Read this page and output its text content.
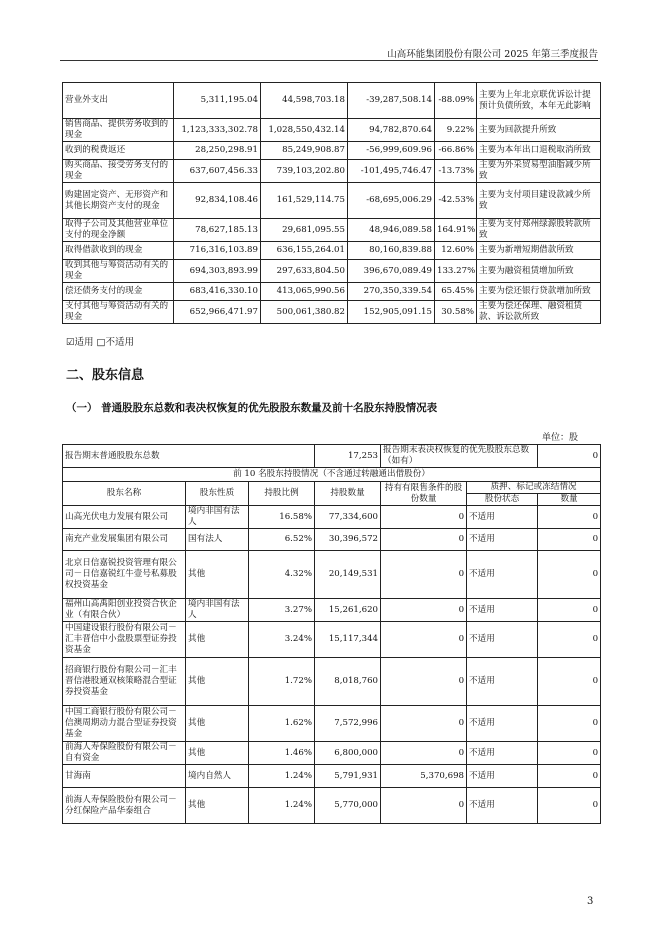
山高环能集团股份有限公司 2025 年第三季度报告
营业外支出	5,311,195.04	44,598,703.18	-39,287,508.14	-88.09%	主要为上年北京联优诉讼计提预计负债所致，本年无此影响
销售商品、提供劳务收到的现金	1,123,333,302.78	1,028,550,432.14	94,782,870.64	9.22%	主要为回款提升所致
收到的税费返还	28,250,298.91	85,249,908.87	-56,999,609.96	-66.86%	主要为本年出口退税取消所致
购买商品、接受劳务支付的现金	637,607,456.33	739,103,202.80	-101,495,746.47	-13.73%	主要为外采贸易型油脂减少所致
购建固定资产、无形资产和其他长期资产支付的现金	92,834,108.46	161,529,114.75	-68,695,006.29	-42.53%	主要为支付项目建设款减少所致
取得子公司及其他营业单位支付的现金净额	78,627,185.13	29,681,095.55	48,946,089.58	164.91%	主要为支付郑州绿源股转款所致
取得借款收到的现金	716,316,103.89	636,155,264.01	80,160,839.88	12.60%	主要为新增短期借款所致
收到其他与筹资活动有关的现金	694,303,893.99	297,633,804.50	396,670,089.49	133.27%	主要为融资租赁增加所致
偿还债务支付的现金	683,416,330.10	413,065,990.56	270,350,339.54	65.45%	主要为偿还银行贷款增加所致
支付其他与筹资活动有关的现金	652,966,471.97	500,061,380.82	152,905,091.15	30.58%	主要为偿还保理、融资租赁款、诉讼款所致
☑适用 □不适用
二、股东信息
（一） 普通股股东总数和表决权恢复的优先股股东数量及前十名股东持股情况表
单位：股
报告期末普通股股东总数			17,253	报告期末表决权恢复的优先股股东总数（如有）		0
前 10 名股东持股情况（不含通过转融通出借股份）						
股东名称	股东性质	持股比例	持股数量	持有有限售条件的股份数量	质押、标记或冻结情况	
					股份状态	数量
山高光伏电力发展有限公司	境内非国有法人	16.58%	77,334,600	0	不适用	0
南充产业发展集团有限公司	国有法人	6.52%	30,396,572	0	不适用	0
北京日信嘉锐投资管理有限公司－日信嘉锐红牛壹号私募股权投资基金	其他	4.32%	20,149,531	0	不适用	0
福州山高禹阳创业投资合伙企业（有限合伙）	境内非国有法人	3.27%	15,261,620	0	不适用	0
中国建设银行股份有限公司－汇丰晋信中小盘股票型证券投资基金	其他	3.24%	15,117,344	0	不适用	0
招商银行股份有限公司－汇丰晋信港股通双核策略混合型证券投资基金	其他	1.72%	8,018,760	0	不适用	0
中国工商银行股份有限公司－信澳周期动力混合型证券投资基金	其他	1.62%	7,572,996	0	不适用	0
前海人寿保险股份有限公司－自有资金	其他	1.46%	6,800,000	0	不适用	0
甘海南	境内自然人	1.24%	5,791,931	5,370,698	不适用	0
前海人寿保险股份有限公司－分红保险产品华泰组合	其他	1.24%	5,770,000	0	不适用	0
3
